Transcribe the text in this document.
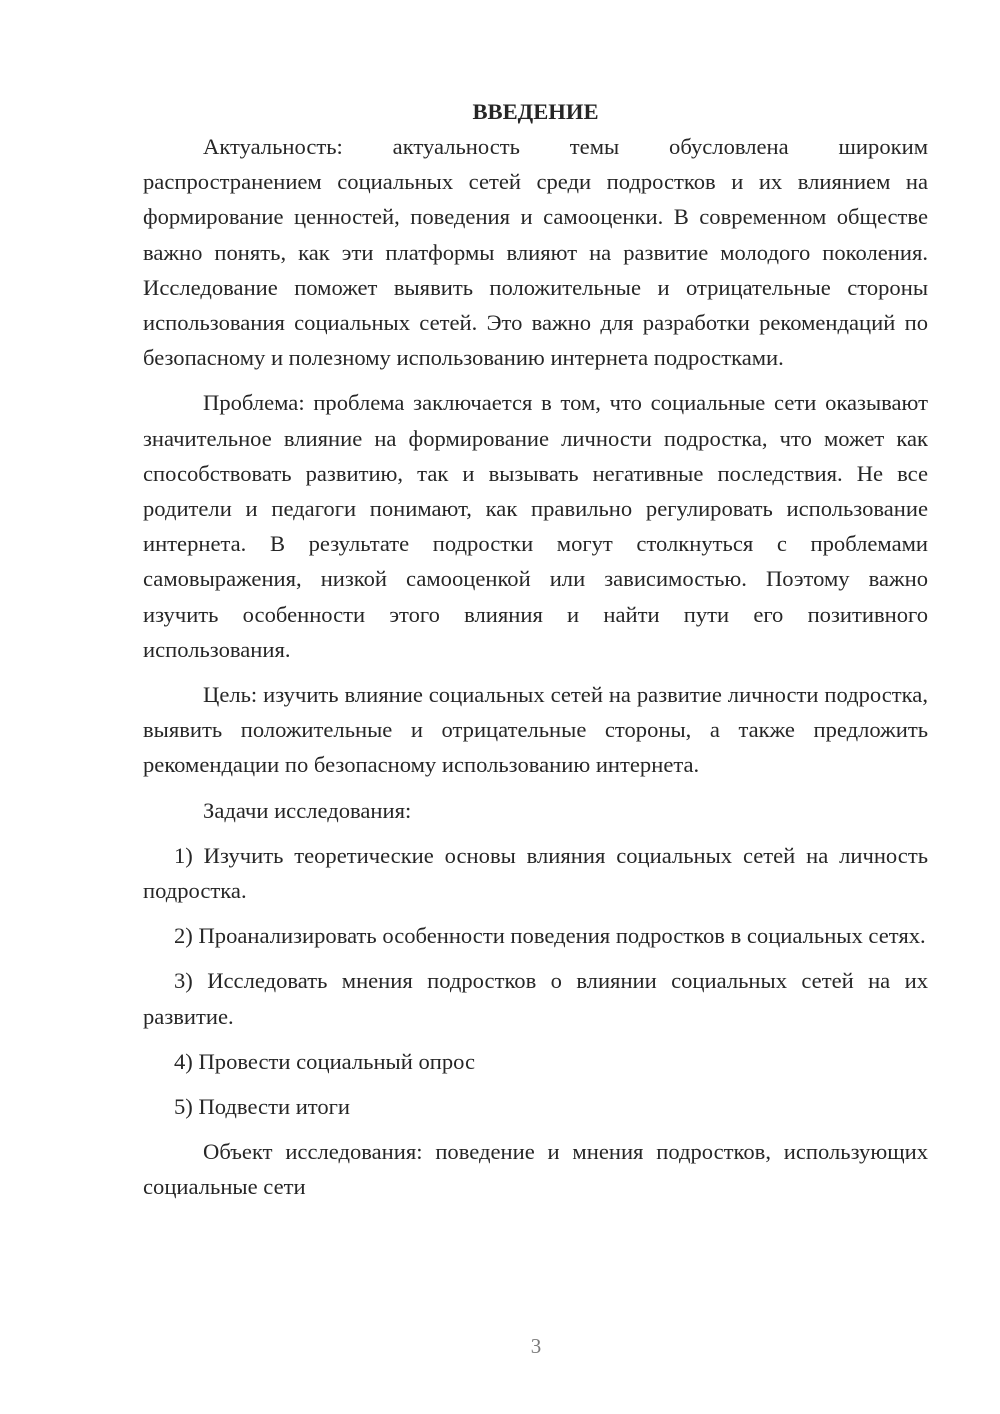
ВВЕДЕНИЕ

Актуальность: актуальность темы обусловлена широким распространением социальных сетей среди подростков и их влиянием на формирование ценностей, поведения и самооценки. В современном обществе важно понять, как эти платформы влияют на развитие молодого поколения. Исследование поможет выявить положительные и отрицательные стороны использования социальных сетей. Это важно для разработки рекомендаций по безопасному и полезному использованию интернета подростками.

Проблема: проблема заключается в том, что социальные сети оказывают значительное влияние на формирование личности подростка, что может как способствовать развитию, так и вызывать негативные последствия. Не все родители и педагоги понимают, как правильно регулировать использование интернета. В результате подростки могут столкнуться с проблемами самовыражения, низкой самооценкой или зависимостью. Поэтому важно изучить особенности этого влияния и найти пути его позитивного использования.

Цель: изучить влияние социальных сетей на развитие личности подростка, выявить положительные и отрицательные стороны, а также предложить рекомендации по безопасному использованию интернета.

Задачи исследования:

1) Изучить теоретические основы влияния социальных сетей на личность подростка.

2) Проанализировать особенности поведения подростков в социальных сетях.

3) Исследовать мнения подростков о влиянии социальных сетей на их развитие.

4) Провести социальный опрос

5) Подвести итоги

Объект исследования: поведение и мнения подростков, использующих социальные сети

3
